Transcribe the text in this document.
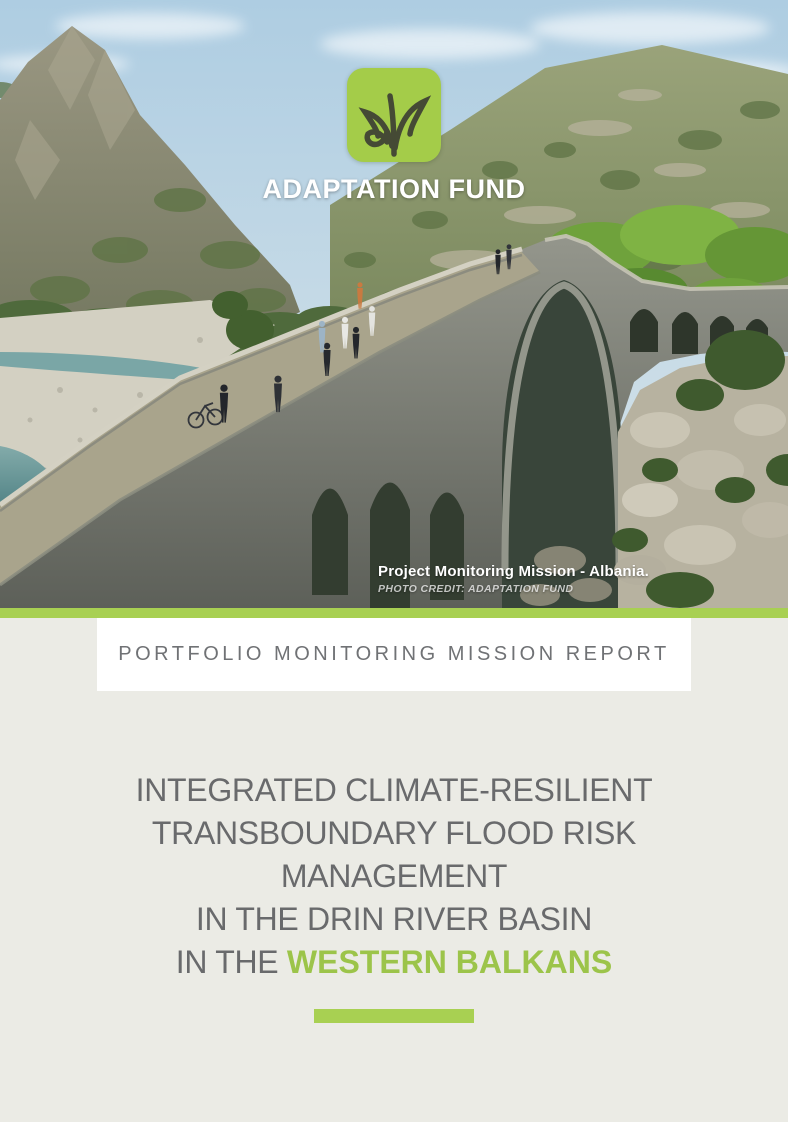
ADAPTATION FUND
Project Monitoring Mission - Albania.
PHOTO CREDIT: ADAPTATION FUND
PORTFOLIO MONITORING MISSION REPORT
INTEGRATED CLIMATE-RESILIENT
TRANSBOUNDARY FLOOD RISK
MANAGEMENT
IN THE DRIN RIVER BASIN
IN THE WESTERN BALKANS
